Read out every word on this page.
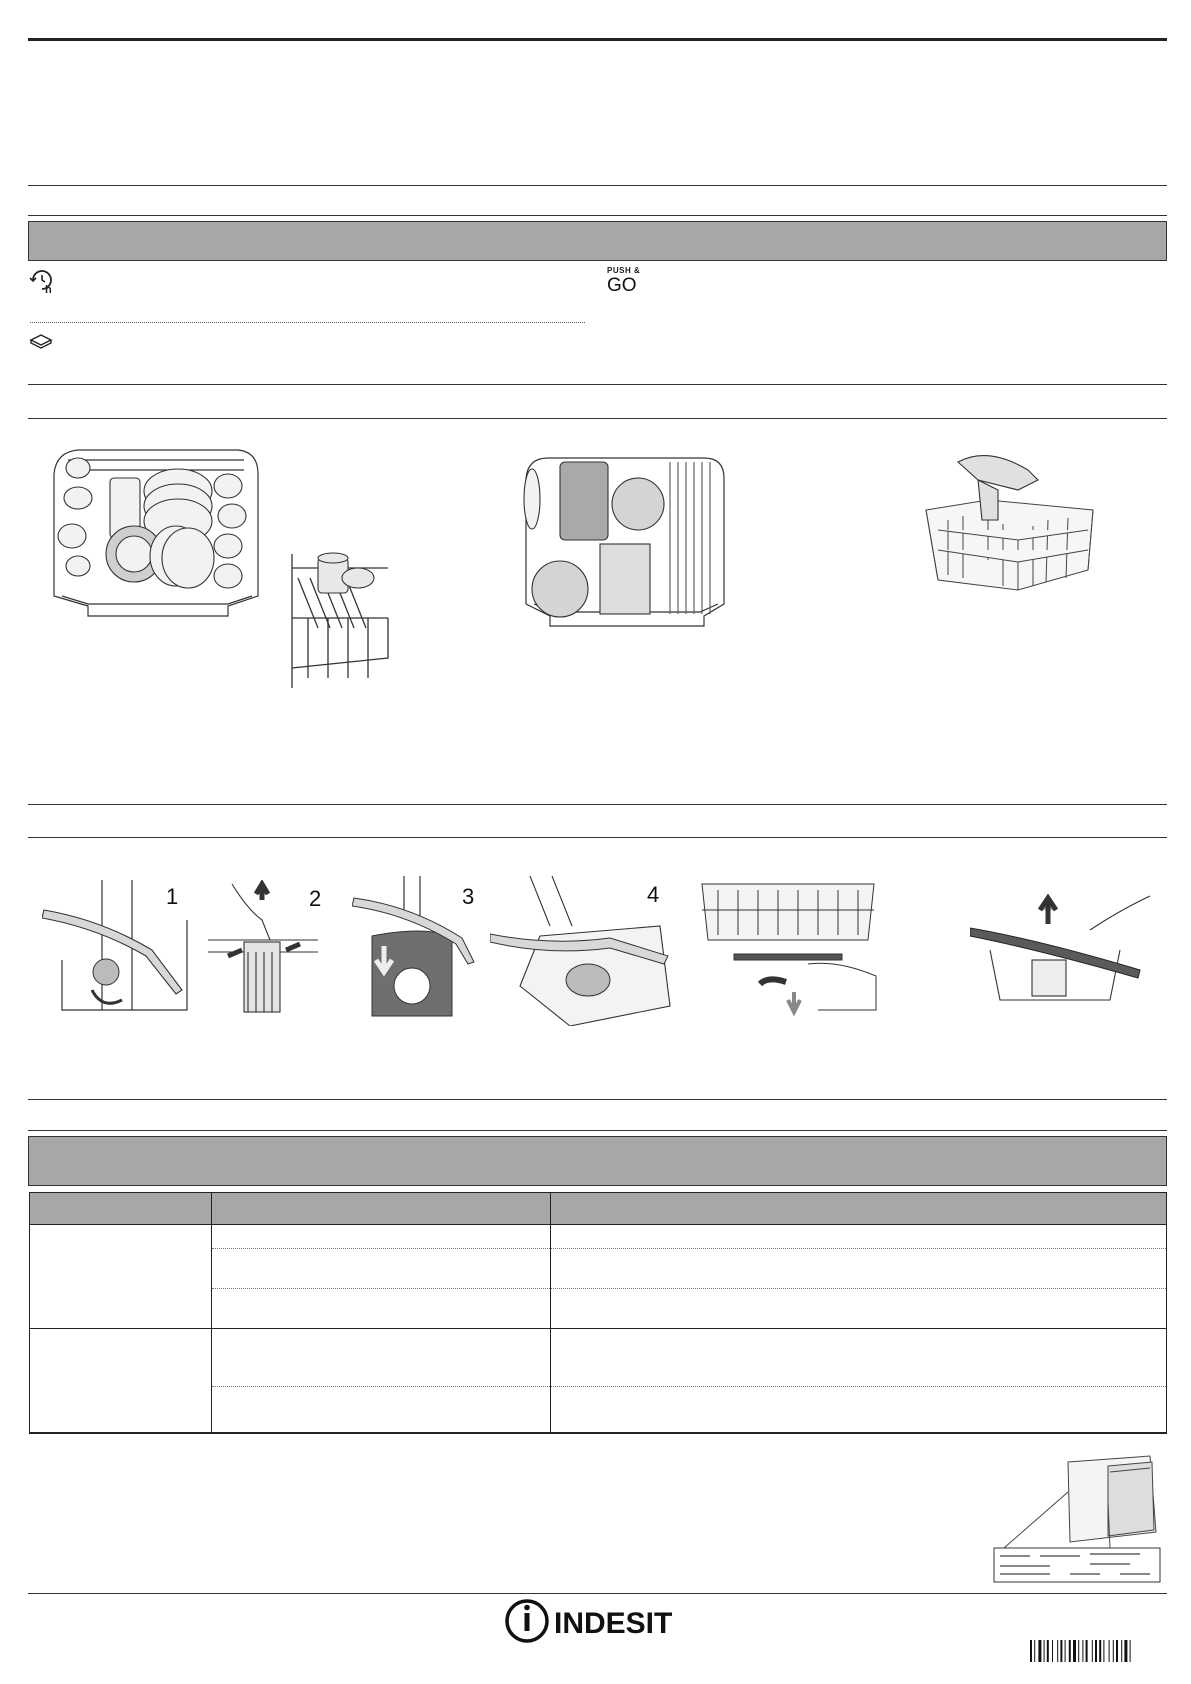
h
PUSH &
GO
1	2	3	4

INDESIT
